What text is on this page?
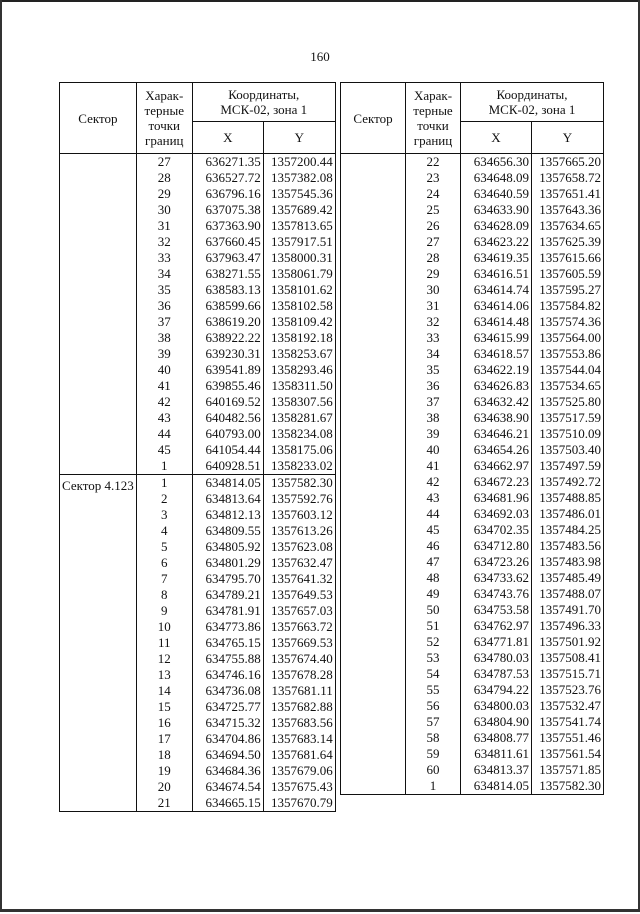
160
Сектор	Харак-
терные
точки
границ	Координаты,
МСК-02, зона 1	
		X	Y

	27	636271.35	1357200.44
	28	636527.72	1357382.08
	29	636796.16	1357545.36
	30	637075.38	1357689.42
	31	637363.90	1357813.65
	32	637660.45	1357917.51
	33	637963.47	1358000.31
	34	638271.55	1358061.79
	35	638583.13	1358101.62
	36	638599.66	1358102.58
	37	638619.20	1358109.42
	38	638922.22	1358192.18
	39	639230.31	1358253.67
	40	639541.89	1358293.46
	41	639855.46	1358311.50
	42	640169.52	1358307.56
	43	640482.56	1358281.67
	44	640793.00	1358234.08
	45	641054.44	1358175.06
	1	640928.51	1358233.02

Сектор 4.123	1	634814.05	1357582.30
	2	634813.64	1357592.76
	3	634812.13	1357603.12
	4	634809.55	1357613.26
	5	634805.92	1357623.08
	6	634801.29	1357632.47
	7	634795.70	1357641.32
	8	634789.21	1357649.53
	9	634781.91	1357657.03
	10	634773.86	1357663.72
	11	634765.15	1357669.53
	12	634755.88	1357674.40
	13	634746.16	1357678.28
	14	634736.08	1357681.11
	15	634725.77	1357682.88
	16	634715.32	1357683.56
	17	634704.86	1357683.14
	18	634694.50	1357681.64
	19	634684.36	1357679.06
	20	634674.54	1357675.43
	21	634665.15	1357670.79
Сектор	Харак-
терные
точки
границ	Координаты,
МСК-02, зона 1	
		X	Y

	22	634656.30	1357665.20
	23	634648.09	1357658.72
	24	634640.59	1357651.41
	25	634633.90	1357643.36
	26	634628.09	1357634.65
	27	634623.22	1357625.39
	28	634619.35	1357615.66
	29	634616.51	1357605.59
	30	634614.74	1357595.27
	31	634614.06	1357584.82
	32	634614.48	1357574.36
	33	634615.99	1357564.00
	34	634618.57	1357553.86
	35	634622.19	1357544.04
	36	634626.83	1357534.65
	37	634632.42	1357525.80
	38	634638.90	1357517.59
	39	634646.21	1357510.09
	40	634654.26	1357503.40
	41	634662.97	1357497.59
	42	634672.23	1357492.72
	43	634681.96	1357488.85
	44	634692.03	1357486.01
	45	634702.35	1357484.25
	46	634712.80	1357483.56
	47	634723.26	1357483.98
	48	634733.62	1357485.49
	49	634743.76	1357488.07
	50	634753.58	1357491.70
	51	634762.97	1357496.33
	52	634771.81	1357501.92
	53	634780.03	1357508.41
	54	634787.53	1357515.71
	55	634794.22	1357523.76
	56	634800.03	1357532.47
	57	634804.90	1357541.74
	58	634808.77	1357551.46
	59	634811.61	1357561.54
	60	634813.37	1357571.85
	1	634814.05	1357582.30
